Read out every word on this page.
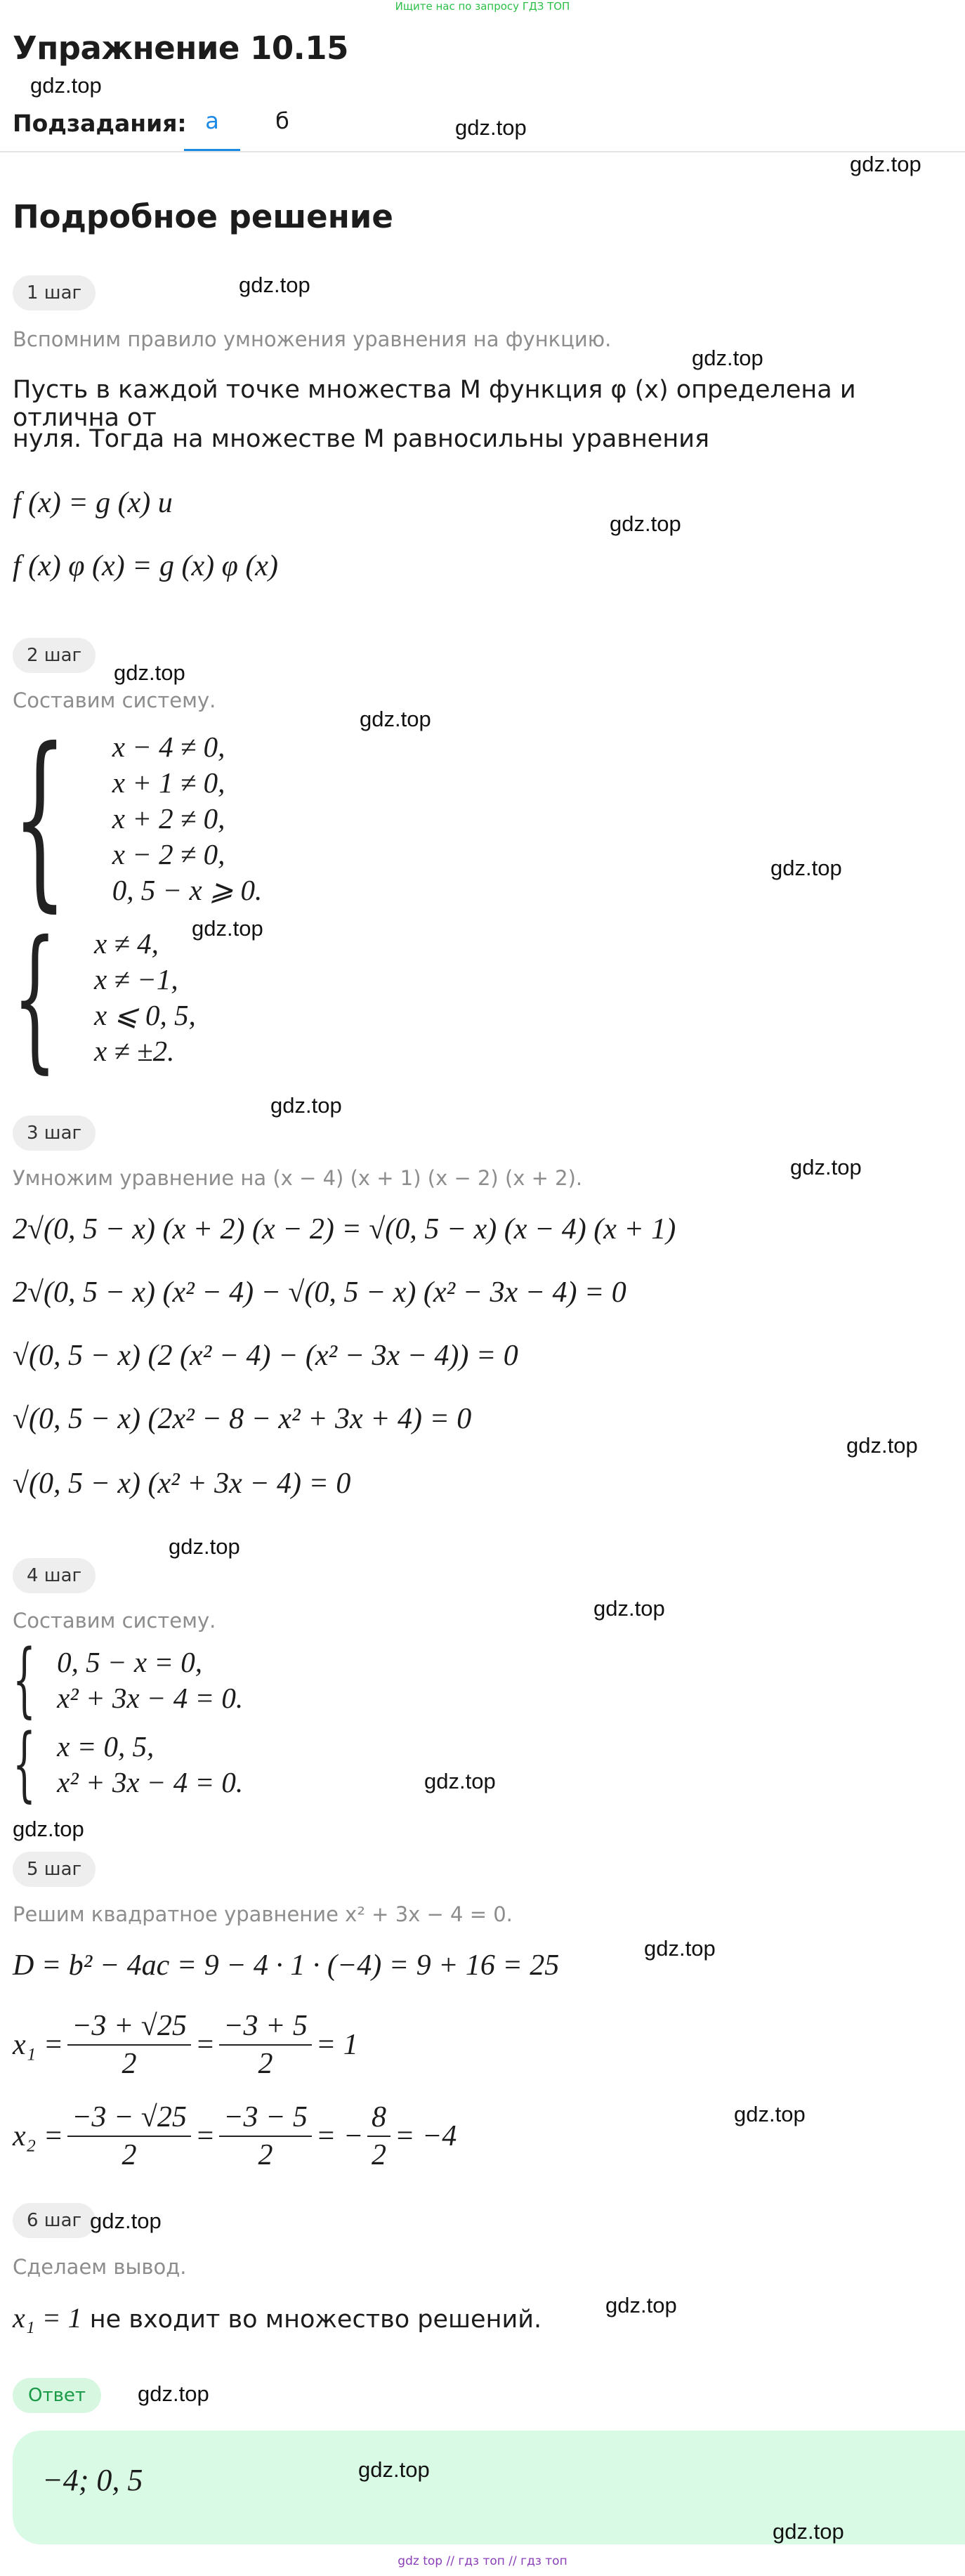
Ищите нас по запросу ГДЗ ТОП
Упражнение 10.15
gdz.top
Подзадания: а	б	gdz.top
gdz.top
Подробное решение
1 шаг	gdz.top
Вспомним правило умножения уравнения на функцию.
gdz.top
Пусть в каждой точке множества M функция φ (x) определена и отлична от
нуля. Тогда на множестве M равносильны уравнения
f (x) = g (x) и
gdz.top
f (x) φ (x) = g (x) φ (x)
2 шаг
gdz.top
Составим систему.
gdz.top
{ x − 4 ≠ 0,
x + 1 ≠ 0,
x + 2 ≠ 0,
x − 2 ≠ 0,
0, 5 − x ⩾ 0.
gdz.top
gdz.top
{ x ≠ 4,
x ≠ −1,
x ⩽ 0, 5,
x ≠ ±2.
gdz.top
3 шаг
gdz.top
Умножим уравнение на (x − 4) (x + 1) (x − 2) (x + 2).
2√(0, 5 − x) (x + 2) (x − 2) = √(0, 5 − x) (x − 4) (x + 1)
2√(0, 5 − x) (x² − 4) − √(0, 5 − x) (x² − 3x − 4) = 0
√(0, 5 − x) (2 (x² − 4) − (x² − 3x − 4)) = 0
√(0, 5 − x) (2x² − 8 − x² + 3x + 4) = 0
gdz.top
√(0, 5 − x) (x² + 3x − 4) = 0
gdz.top
4 шаг
gdz.top
Составим систему.
{ 0, 5 − x = 0,
x² + 3x − 4 = 0.
{ x = 0, 5,
x² + 3x − 4 = 0.	gdz.top
gdz.top
5 шаг
Решим квадратное уравнение x² + 3x − 4 = 0.
gdz.top
D = b² − 4ac = 9 − 4 · 1 · (−4) = 9 + 16 = 25
$x_1 = \frac{-3 + √25}{2} = \frac{-3 + 5}{2} = 1$
$x_2 = \frac{-3 - √25}{2} = \frac{-3 - 5}{2}$ = − $\frac{8}{2} = -4$
gdz.top
6 шаг gdz.top
Сделаем вывод.
gdz.top
x₁ = 1 не входит во множество решений.
Ответ	gdz.top
−4; 0, 5	gdz.top
gdz.top
gdz top // гдз топ // гдз топ
